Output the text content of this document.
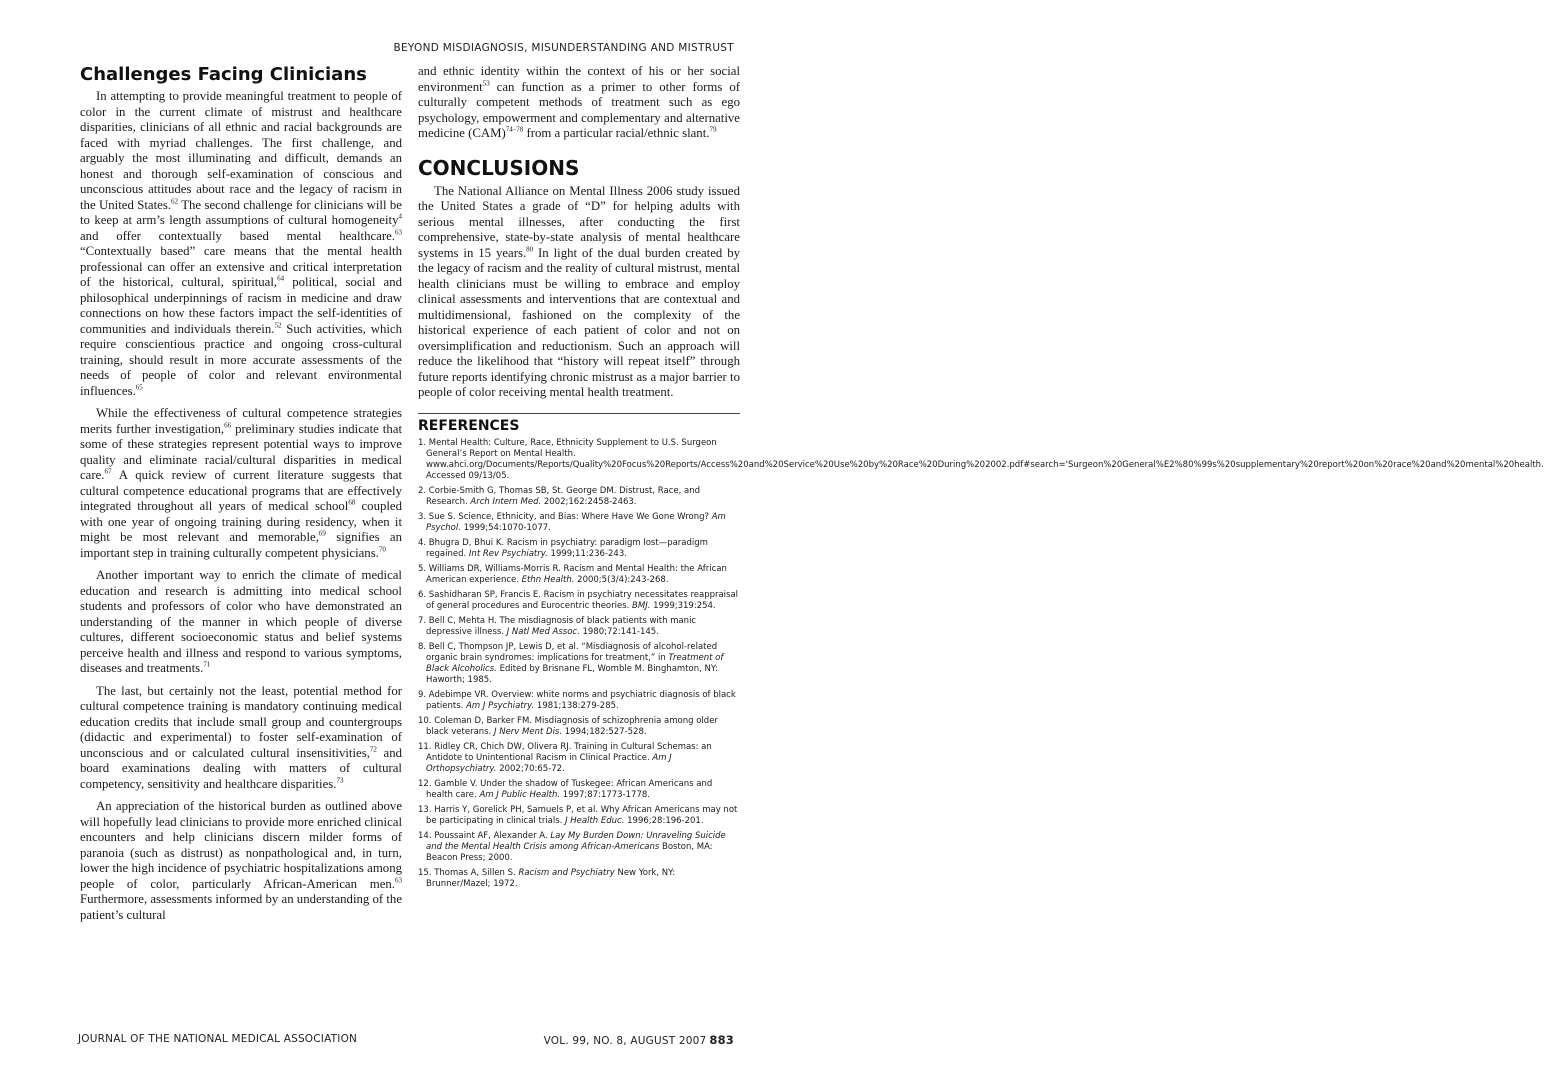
BEYOND MISDIAGNOSIS, MISUNDERSTANDING AND MISTRUST
Challenges Facing Clinicians

In attempting to provide meaningful treatment to people of color in the current climate of mistrust and healthcare disparities, clinicians of all ethnic and racial backgrounds are faced with myriad challenges. The first challenge, and arguably the most illuminating and difficult, demands an honest and thorough self-examination of conscious and unconscious attitudes about race and the legacy of racism in the United States.$^{62}$ The second challenge for clinicians will be to keep at arm’s length assumptions of cultural homogeneity$^4$ and offer contextually based mental healthcare.$^{63}$ “Contextually based” care means that the mental health professional can offer an extensive and critical interpretation of the historical, cultural, spiritual,$^{64}$ political, social and philosophical underpinnings of racism in medicine and draw connections on how these factors impact the self-identities of communities and individuals therein.$^{52}$ Such activities, which require conscientious practice and ongoing cross-cultural training, should result in more accurate assessments of the needs of people of color and relevant environmental influences.$^{65}$

While the effectiveness of cultural competence strategies merits further investigation,$^{66}$ preliminary studies indicate that some of these strategies represent potential ways to improve quality and eliminate racial/cultural disparities in medical care.$^{67}$ A quick review of current literature suggests that cultural competence educational programs that are effectively integrated throughout all years of medical school$^{68}$ coupled with one year of ongoing training during residency, when it might be most relevant and memorable,$^{69}$ signifies an important step in training culturally competent physicians.$^{70}$

Another important way to enrich the climate of medical education and research is admitting into medical school students and professors of color who have demonstrated an understanding of the manner in which people of diverse cultures, different socioeconomic status and belief systems perceive health and illness and respond to various symptoms, diseases and treatments.$^{71}$

The last, but certainly not the least, potential method for cultural competence training is mandatory continuing medical education credits that include small group and countergroups (didactic and experimental) to foster self-examination of unconscious and or calculated cultural insensitivities,$^{72}$ and board examinations dealing with matters of cultural competency, sensitivity and healthcare disparities.$^{73}$

An appreciation of the historical burden as outlined above will hopefully lead clinicians to provide more enriched clinical encounters and help clinicians discern milder forms of paranoia (such as distrust) as nonpathological and, in turn, lower the high incidence of psychiatric hospitalizations among people of color, particularly African-American men.$^{63}$ Furthermore, assessments informed by an understanding of the patient’s cultural

and ethnic identity within the context of his or her social environment$^{53}$ can function as a primer to other forms of culturally competent methods of treatment such as ego psychology, empowerment and complementary and alternative medicine (CAM)$^{74-78}$ from a particular racial/ethnic slant.$^{79}$

CONCLUSIONS

The National Alliance on Mental Illness 2006 study issued the United States a grade of “D” for helping adults with serious mental illnesses, after conducting the first comprehensive, state-by-state analysis of mental healthcare systems in 15 years.$^{80}$ In light of the dual burden created by the legacy of racism and the reality of cultural mistrust, mental health clinicians must be willing to embrace and employ clinical assessments and interventions that are contextual and multidimensional, fashioned on the complexity of the historical experience of each patient of color and not on oversimplification and reductionism. Such an approach will reduce the likelihood that “history will repeat itself” through future reports identifying chronic mistrust as a major barrier to people of color receiving mental health treatment.

REFERENCES
1. Mental Health: Culture, Race, Ethnicity Supplement to U.S. Surgeon General’s Report on Mental Health. www.ahci.org/Documents/Reports/Quality%20Focus%20Reports/Access%20and%20Service%20Use%20by%20Race%20During%202002.pdf#search='Surgeon%20General%E2%80%99s%20supplementary%20report%20on%20race%20and%20mental%20health. Accessed 09/13/05.
2. Corbie-Smith G, Thomas SB, St. George DM. Distrust, Race, and Research. Arch Intern Med. 2002;162:2458-2463.
3. Sue S. Science, Ethnicity, and Bias: Where Have We Gone Wrong? Am Psychol. 1999;54:1070-1077.
4. Bhugra D, Bhui K. Racism in psychiatry: paradigm lost—paradigm regained. Int Rev Psychiatry. 1999;11:236-243.
5. Williams DR, Williams-Morris R. Racism and Mental Health: the African American experience. Ethn Health. 2000;5(3/4):243-268.
6. Sashidharan SP, Francis E. Racism in psychiatry necessitates reappraisal of general procedures and Eurocentric theories. BMJ. 1999;319:254.
7. Bell C, Mehta H. The misdiagnosis of black patients with manic depressive illness. J Natl Med Assoc. 1980;72:141-145.
8. Bell C, Thompson JP, Lewis D, et al. “Misdiagnosis of alcohol-related organic brain syndromes: implications for treatment,” in Treatment of Black Alcoholics. Edited by Brisnane FL, Womble M. Binghamton, NY: Haworth; 1985.
9. Adebimpe VR. Overview: white norms and psychiatric diagnosis of black patients. Am J Psychiatry. 1981;138:279-285.
10. Coleman D, Barker FM. Misdiagnosis of schizophrenia among older black veterans. J Nerv Ment Dis. 1994;182:527-528.
11. Ridley CR, Chich DW, Olivera RJ. Training in Cultural Schemas: an Antidote to Unintentional Racism in Clinical Practice. Am J Orthopsychiatry. 2002;70:65-72.
12. Gamble V. Under the shadow of Tuskegee: African Americans and health care. Am J Public Health. 1997;87:1773-1778.
13. Harris Y, Gorelick PH, Samuels P, et al. Why African Americans may not be participating in clinical trials. J Health Educ. 1996;28:196-201.
14. Poussaint AF, Alexander A. Lay My Burden Down: Unraveling Suicide and the Mental Health Crisis among African-Americans Boston, MA: Beacon Press; 2000.
15. Thomas A, Sillen S. Racism and Psychiatry New York, NY: Brunner/Mazel; 1972.
JOURNAL OF THE NATIONAL MEDICAL ASSOCIATION	VOL. 99, NO. 8, AUGUST 2007 883
